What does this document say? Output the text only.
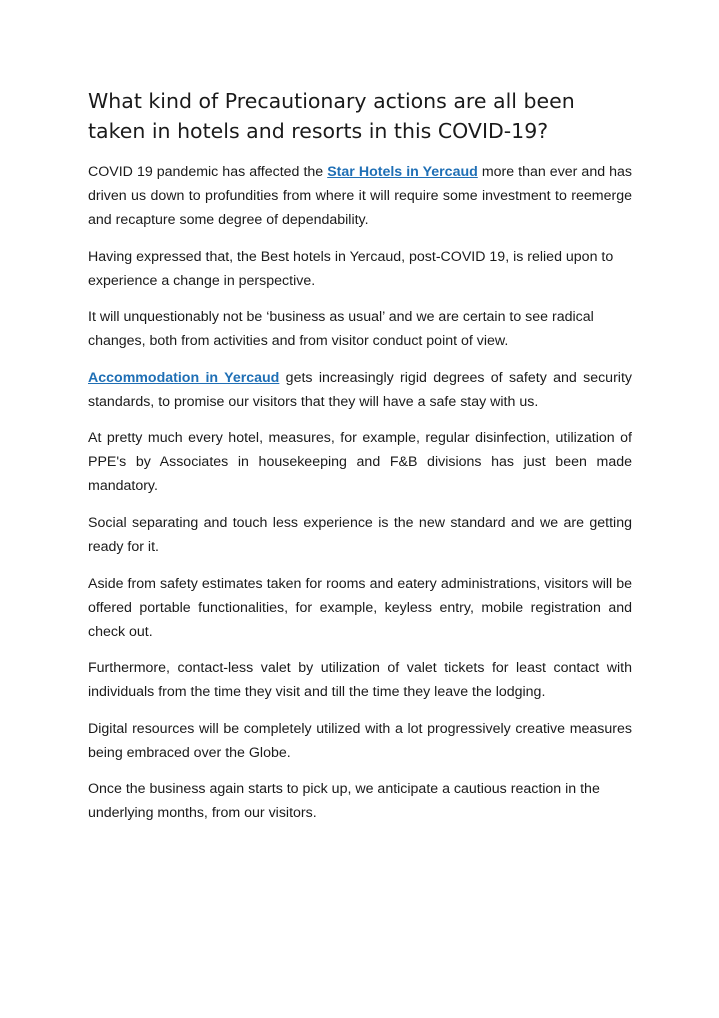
What kind of Precautionary actions are all been taken in hotels and resorts in this COVID-19?

COVID 19 pandemic has affected the Star Hotels in Yercaud more than ever and has driven us down to profundities from where it will require some investment to reemerge and recapture some degree of dependability.

Having expressed that, the Best hotels in Yercaud, post-COVID 19, is relied upon to experience a change in perspective.

It will unquestionably not be ‘business as usual’ and we are certain to see radical changes, both from activities and from visitor conduct point of view.

Accommodation in Yercaud gets increasingly rigid degrees of safety and security standards, to promise our visitors that they will have a safe stay with us.

At pretty much every hotel, measures, for example, regular disinfection, utilization of PPE's by Associates in housekeeping and F&B divisions has just been made mandatory.

Social separating and touch less experience is the new standard and we are getting ready for it.

Aside from safety estimates taken for rooms and eatery administrations, visitors will be offered portable functionalities, for example, keyless entry, mobile registration and check out.

Furthermore, contact-less valet by utilization of valet tickets for least contact with individuals from the time they visit and till the time they leave the lodging.

Digital resources will be completely utilized with a lot progressively creative measures being embraced over the Globe.

Once the business again starts to pick up, we anticipate a cautious reaction in the underlying months, from our visitors.
